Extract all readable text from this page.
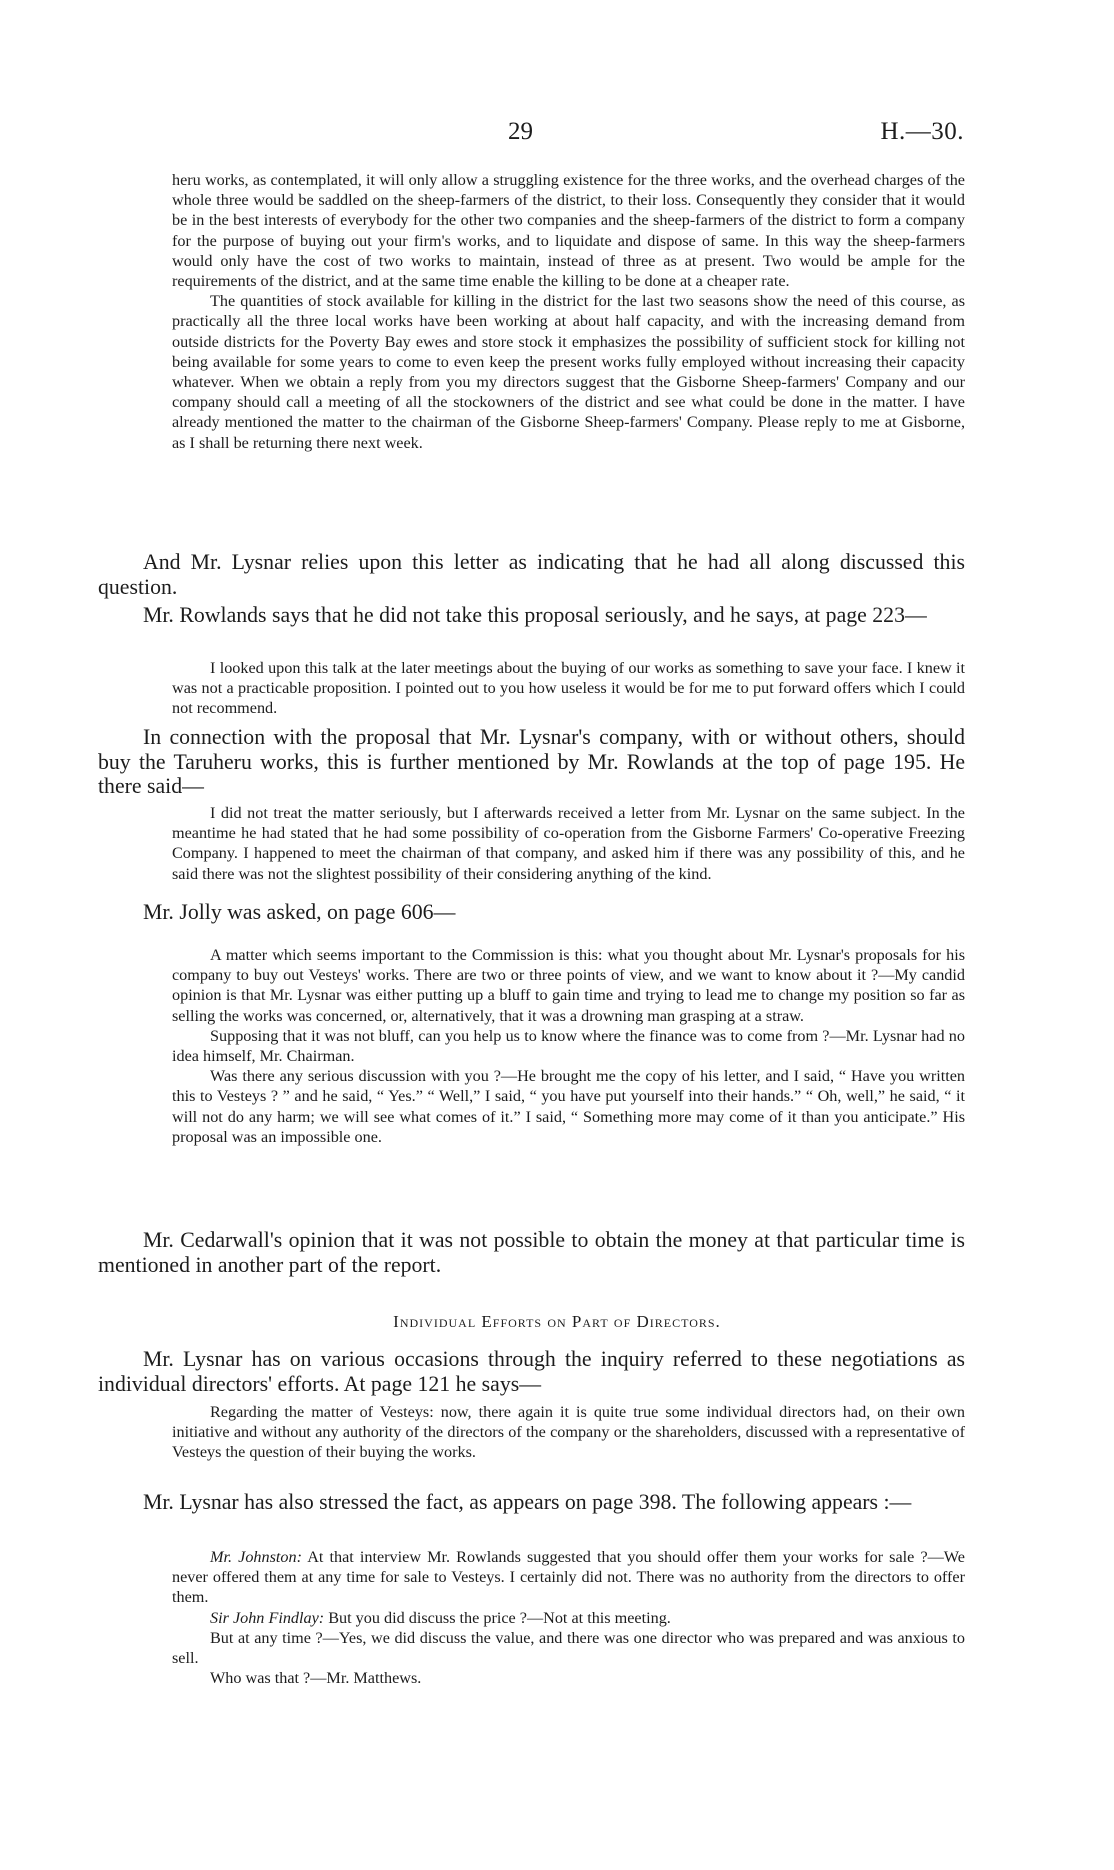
29	H.—30.

heru works, as contemplated, it will only allow a struggling existence for the three works, and the overhead charges of the whole three would be saddled on the sheep-farmers of the district, to their loss. Consequently they consider that it would be in the best interests of everybody for the other two companies and the sheep-farmers of the district to form a company for the purpose of buying out your firm's works, and to liquidate and dispose of same. In this way the sheep-farmers would only have the cost of two works to maintain, instead of three as at present. Two would be ample for the requirements of the district, and at the same time enable the killing to be done at a cheaper rate.

The quantities of stock available for killing in the district for the last two seasons show the need of this course, as practically all the three local works have been working at about half capacity, and with the increasing demand from outside districts for the Poverty Bay ewes and store stock it emphasizes the possibility of sufficient stock for killing not being available for some years to come to even keep the present works fully employed without increasing their capacity whatever. When we obtain a reply from you my directors suggest that the Gisborne Sheep-farmers' Company and our company should call a meeting of all the stockowners of the district and see what could be done in the matter. I have already mentioned the matter to the chairman of the Gisborne Sheep-farmers' Company. Please reply to me at Gisborne, as I shall be returning there next week.

And Mr. Lysnar relies upon this letter as indicating that he had all along discussed this question.

Mr. Rowlands says that he did not take this proposal seriously, and he says, at page 223—

I looked upon this talk at the later meetings about the buying of our works as something to save your face. I knew it was not a practicable proposition. I pointed out to you how useless it would be for me to put forward offers which I could not recommend.

In connection with the proposal that Mr. Lysnar's company, with or without others, should buy the Taruheru works, this is further mentioned by Mr. Rowlands at the top of page 195. He there said—

I did not treat the matter seriously, but I afterwards received a letter from Mr. Lysnar on the same subject. In the meantime he had stated that he had some possibility of co-operation from the Gisborne Farmers' Co-operative Freezing Company. I happened to meet the chairman of that company, and asked him if there was any possibility of this, and he said there was not the slightest possibility of their considering anything of the kind.

Mr. Jolly was asked, on page 606—

A matter which seems important to the Commission is this: what you thought about Mr. Lysnar's proposals for his company to buy out Vesteys' works. There are two or three points of view, and we want to know about it ?—My candid opinion is that Mr. Lysnar was either putting up a bluff to gain time and trying to lead me to change my position so far as selling the works was concerned, or, alternatively, that it was a drowning man grasping at a straw.

Supposing that it was not bluff, can you help us to know where the finance was to come from ?—Mr. Lysnar had no idea himself, Mr. Chairman.

Was there any serious discussion with you ?—He brought me the copy of his letter, and I said, “ Have you written this to Vesteys ? ” and he said, “ Yes.” “ Well,” I said, “ you have put yourself into their hands.” “ Oh, well,” he said, “ it will not do any harm; we will see what comes of it.” I said, “ Something more may come of it than you anticipate.” His proposal was an impossible one.

Mr. Cedarwall's opinion that it was not possible to obtain the money at that particular time is mentioned in another part of the report.

Individual Efforts on Part of Directors.

Mr. Lysnar has on various occasions through the inquiry referred to these negotiations as individual directors' efforts. At page 121 he says—

Regarding the matter of Vesteys: now, there again it is quite true some individual directors had, on their own initiative and without any authority of the directors of the company or the shareholders, discussed with a representative of Vesteys the question of their buying the works.

Mr. Lysnar has also stressed the fact, as appears on page 398. The following appears :—

Mr. Johnston: At that interview Mr. Rowlands suggested that you should offer them your works for sale ?—We never offered them at any time for sale to Vesteys. I certainly did not. There was no authority from the directors to offer them.

Sir John Findlay: But you did discuss the price ?—Not at this meeting.

But at any time ?—Yes, we did discuss the value, and there was one director who was prepared and was anxious to sell.

Who was that ?—Mr. Matthews.
